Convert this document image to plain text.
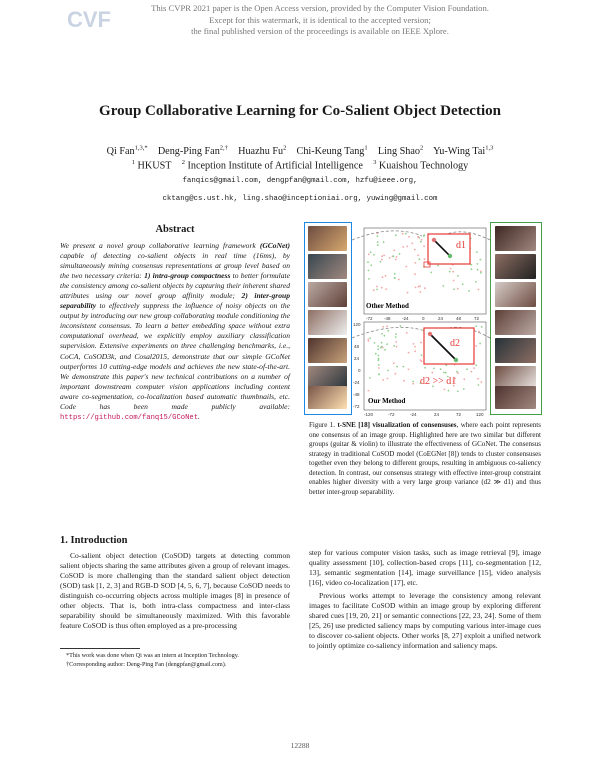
CVF	This CVPR 2021 paper is the Open Access version, provided by the Computer Vision Foundation.
Except for this watermark, it is identical to the accepted version;
the final published version of the proceedings is available on IEEE Xplore.
Group Collaborative Learning for Co-Salient Object Detection
Qi Fan$^{1,3,*}$ Deng-Ping Fan$^{2,\dagger}$ Huazhu Fu$^2$ Chi-Keung Tang$^1$ Ling Shao$^2$ Yu-Wing Tai$^{1,3}$
$^1$ HKUST $^2$ Inception Institute of Artificial Intelligence $^3$ Kuaishou Technology
fanqics@gmail.com, dengpfan@gmail.com, hzfu@ieee.org,
cktang@cs.ust.hk, ling.shao@inceptioniai.org, yuwing@gmail.com
Abstract
We present a novel group collaborative learning framework (GCoNet) capable of detecting co-salient objects in real time (16ms), by simultaneously mining consensus representations at group level based on the two necessary criteria: 1) intra-group compactness to better formulate the consistency among co-salient objects by capturing their inherent shared attributes using our novel group affinity module; 2) inter-group separability to effectively suppress the influence of noisy objects on the output by introducing our new group collaborating module conditioning the inconsistent consensus. To learn a better embedding space without extra computational overhead, we explicitly employ auxiliary classification supervision. Extensive experiments on three challenging benchmarks, i.e., CoCA, CoSOD3k, and Cosal2015, demonstrate that our simple GCoNet outperforms 10 cutting-edge models and achieves the new state-of-the-art. We demonstrate this paper's new technical contributions on a number of important downstream computer vision applications including content aware co-segmentation, co-localization based automatic thumbnails, etc. Code has been made publicly available: https://github.com/fanq15/GCoNet.
1. Introduction

Co-salient object detection (CoSOD) targets at detecting common salient objects sharing the same attributes given a group of relevant images. CoSOD is more challenging than the standard salient object detection (SOD) task [1, 2, 3] and RGB-D SOD [4, 5, 6, 7], because CoSOD needs to distinguish co-occurring objects across multiple images [8] in presence of other objects. That is, both intra-class compactness and inter-class separability should be simultaneously maximized. With this favorable feature CoSOD is thus often employed as a pre-processing

step for various computer vision tasks, such as image retrieval [9], image quality assessment [10], collection-based crops [11], co-segmentation [12, 13], semantic segmentation [14], image surveillance [15], video analysis [16], video co-localization [17], etc.

Previous works attempt to leverage the consistency among relevant images to facilitate CoSOD within an image group by exploring different shared cues [19, 20, 21] or semantic connections [22, 23, 24]. Some of them [25, 26] use predicted saliency maps by computing various inter-image cues to discover co-salient objects. Other works [8, 27] exploit a unified network to jointly optimize co-saliency information and saliency maps.

*This work was done when Qi was an intern at Inception Technology.

†Corresponding author: Deng-Ping Fan (dengpfan@gmail.com).

d1
d2
d2 >> d1
Other Method
Our Method
120
48
24
0
-24
-48
-72
-72	-48	-24	0	24	48	72
-120	-72	-24	24	72	120
Figure 1. t-SNE [18] visualization of consensuses, where each point represents one consensus of an image group. Highlighted here are two similar but different groups (guitar & violin) to illustrate the effectiveness of GCoNet. The consensus strategy in traditional CoSOD model (CoEGNet [8]) tends to cluster consensuses together even they belong to different groups, resulting in ambiguous co-saliency detection. In contrast, our consensus strategy with effective inter-group constraint enables higher diversity with a very large group variance (d2 ≫ d1) and thus better inter-group separability.
12288
